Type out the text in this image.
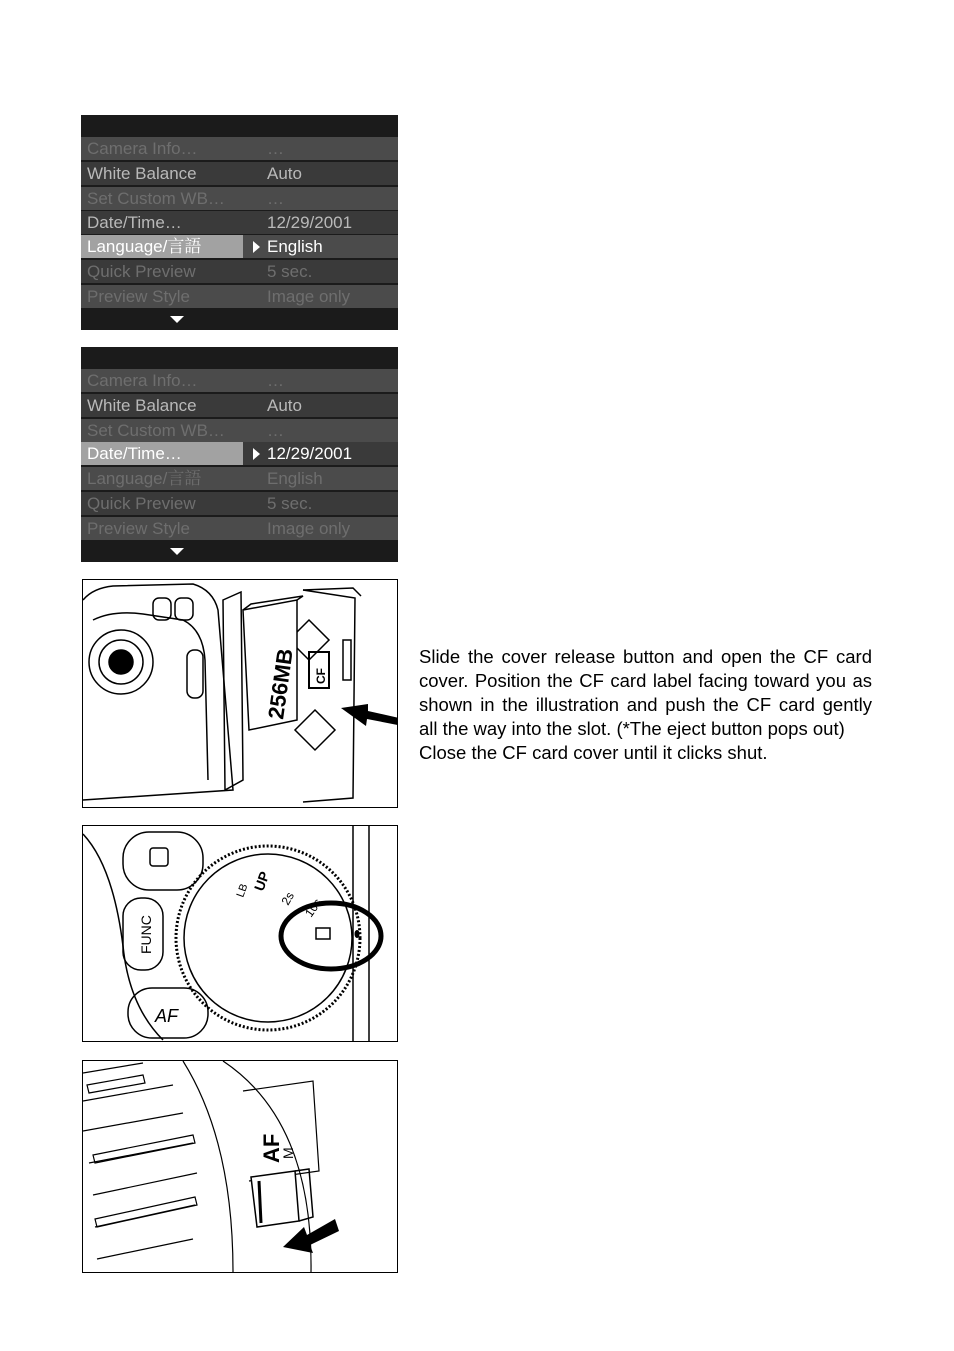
Camera Info…	…
White Balance	Auto
Set Custom WB…	…
Date/Time…	12/29/2001
Language/言語	English
Quick Preview	5 sec.
Preview Style	Image only
Camera Info…	…
White Balance	Auto
Set Custom WB…	…
Date/Time…	12/29/2001
Language/言語	English
Quick Preview	5 sec.
Preview Style	Image only
256MB CF
FUNC
AF
LB UP
2s 10s
AF
M

Slide the cover release button and open the CF card cover. Position the CF card label facing toward you as shown in the illustration and push the CF card gently all the way into the slot. (*The eject button pops out)

Close the CF card cover until it clicks shut.
